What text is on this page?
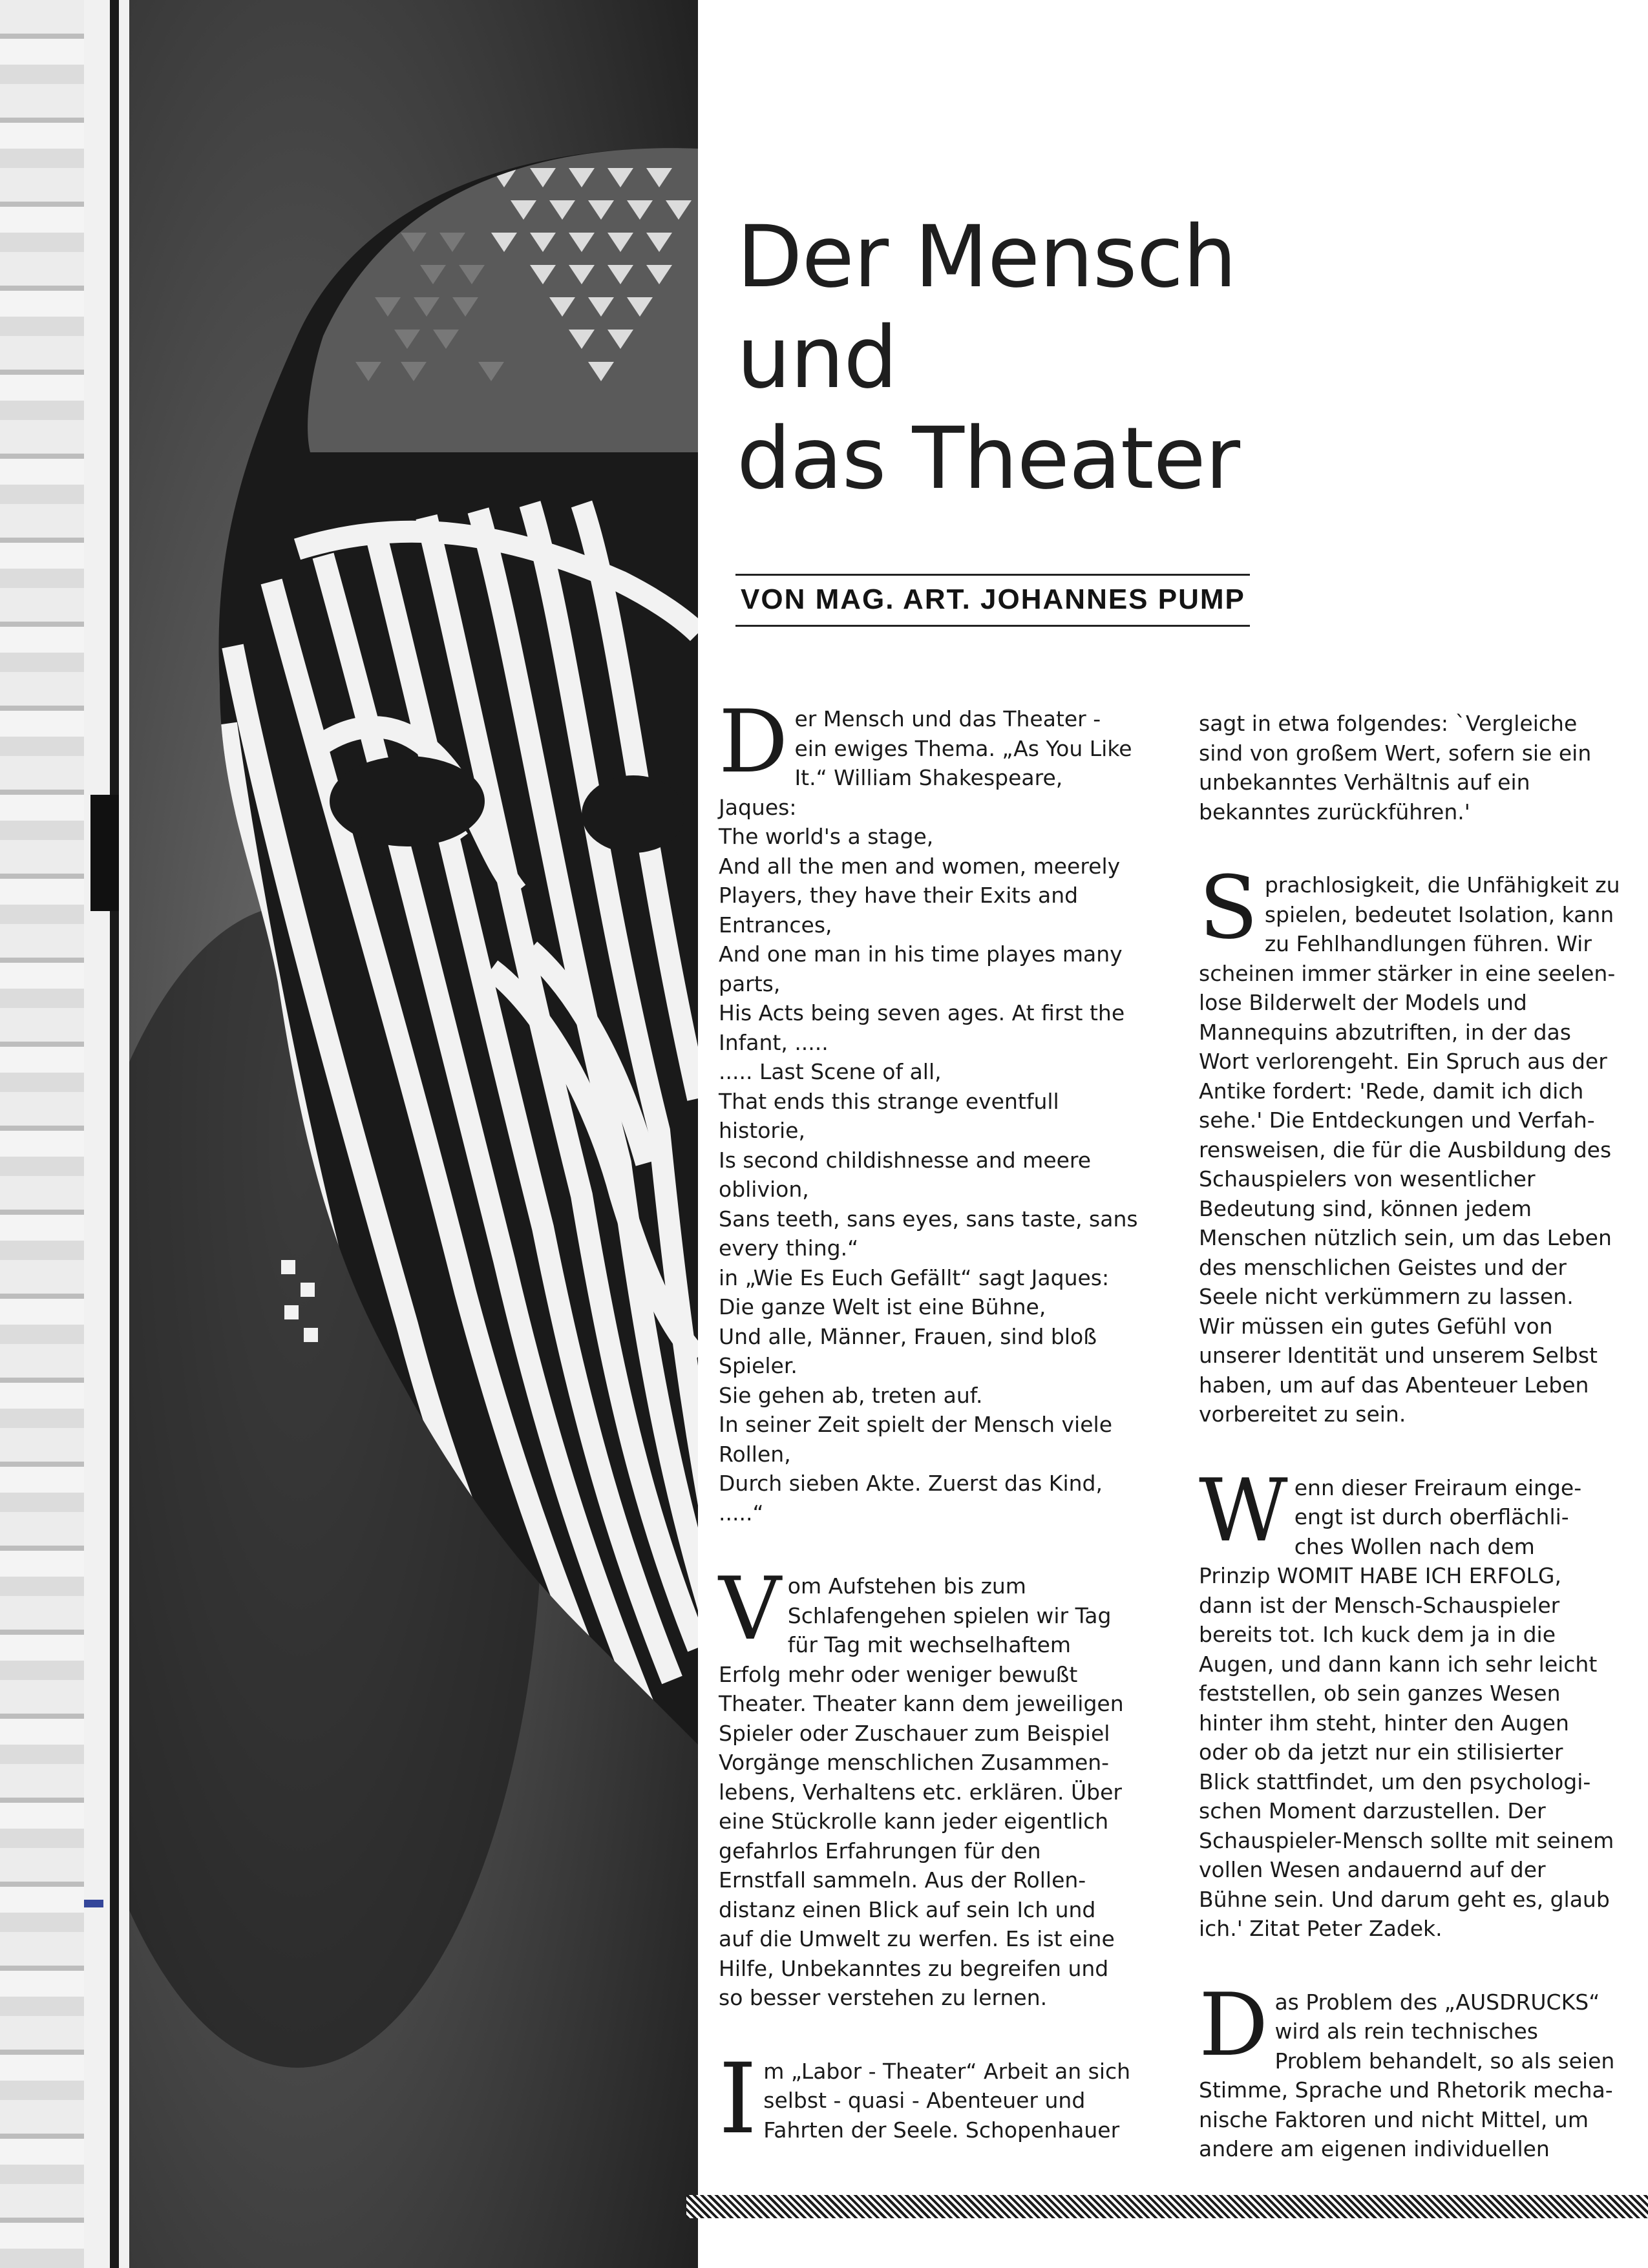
Der Mensch
und
das Theater

VON MAG. ART. JOHANNES PUMP

D er Mensch und das Theater -
ein ewiges Thema. „As You Like
It.“ William Shakespeare,
Jaques:
The world's a stage,
And all the men and women, meerely
Players, they have their Exits and
Entrances,
And one man in his time playes many
parts,
His Acts being seven ages. At first the
Infant, .....
..... Last Scene of all,
That ends this strange eventfull
historie,
Is second childishnesse and meere
oblivion,
Sans teeth, sans eyes, sans taste, sans
every thing.“
in „Wie Es Euch Gefällt“ sagt Jaques:
Die ganze Welt ist eine Bühne,
Und alle, Männer, Frauen, sind bloß
Spieler.
Sie gehen ab, treten auf.
In seiner Zeit spielt der Mensch viele
Rollen,
Durch sieben Akte. Zuerst das Kind,
.....“
V om Aufstehen bis zum
Schlafengehen spielen wir Tag
für Tag mit wechselhaftem
Erfolg mehr oder weniger bewußt
Theater. Theater kann dem jeweiligen
Spieler oder Zuschauer zum Beispiel
Vorgänge menschlichen Zusammen-
lebens, Verhaltens etc. erklären. Über
eine Stückrolle kann jeder eigentlich
gefahrlos Erfahrungen für den
Ernstfall sammeln. Aus der Rollen-
distanz einen Blick auf sein Ich und
auf die Umwelt zu werfen. Es ist eine
Hilfe, Unbekanntes zu begreifen und
so besser verstehen zu lernen.
I m „Labor - Theater“ Arbeit an sich
selbst - quasi - Abenteuer und
Fahrten der Seele. Schopenhauer
sagt in etwa folgendes: `Vergleiche
sind von großem Wert, sofern sie ein
unbekanntes Verhältnis auf ein
bekanntes zurückführen.'
S prachlosigkeit, die Unfähigkeit zu
spielen, bedeutet Isolation, kann
zu Fehlhandlungen führen. Wir
scheinen immer stärker in eine seelen-
lose Bilderwelt der Models und
Mannequins abzutriften, in der das
Wort verlorengeht. Ein Spruch aus der
Antike fordert: 'Rede, damit ich dich
sehe.' Die Entdeckungen und Verfah-
rensweisen, die für die Ausbildung des
Schauspielers von wesentlicher
Bedeutung sind, können jedem
Menschen nützlich sein, um das Leben
des menschlichen Geistes und der
Seele nicht verkümmern zu lassen.
Wir müssen ein gutes Gefühl von
unserer Identität und unserem Selbst
haben, um auf das Abenteuer Leben
vorbereitet zu sein.
W enn dieser Freiraum einge-
engt ist durch oberflächli-
ches Wollen nach dem
Prinzip WOMIT HABE ICH ERFOLG,
dann ist der Mensch-Schauspieler
bereits tot. Ich kuck dem ja in die
Augen, und dann kann ich sehr leicht
feststellen, ob sein ganzes Wesen
hinter ihm steht, hinter den Augen
oder ob da jetzt nur ein stilisierter
Blick stattfindet, um den psychologi-
schen Moment darzustellen. Der
Schauspieler-Mensch sollte mit seinem
vollen Wesen andauernd auf der
Bühne sein. Und darum geht es, glaub
ich.' Zitat Peter Zadek.
D as Problem des „AUSDRUCKS“
wird als rein technisches
Problem behandelt, so als seien
Stimme, Sprache und Rhetorik mecha-
nische Faktoren und nicht Mittel, um
andere am eigenen individuellen
